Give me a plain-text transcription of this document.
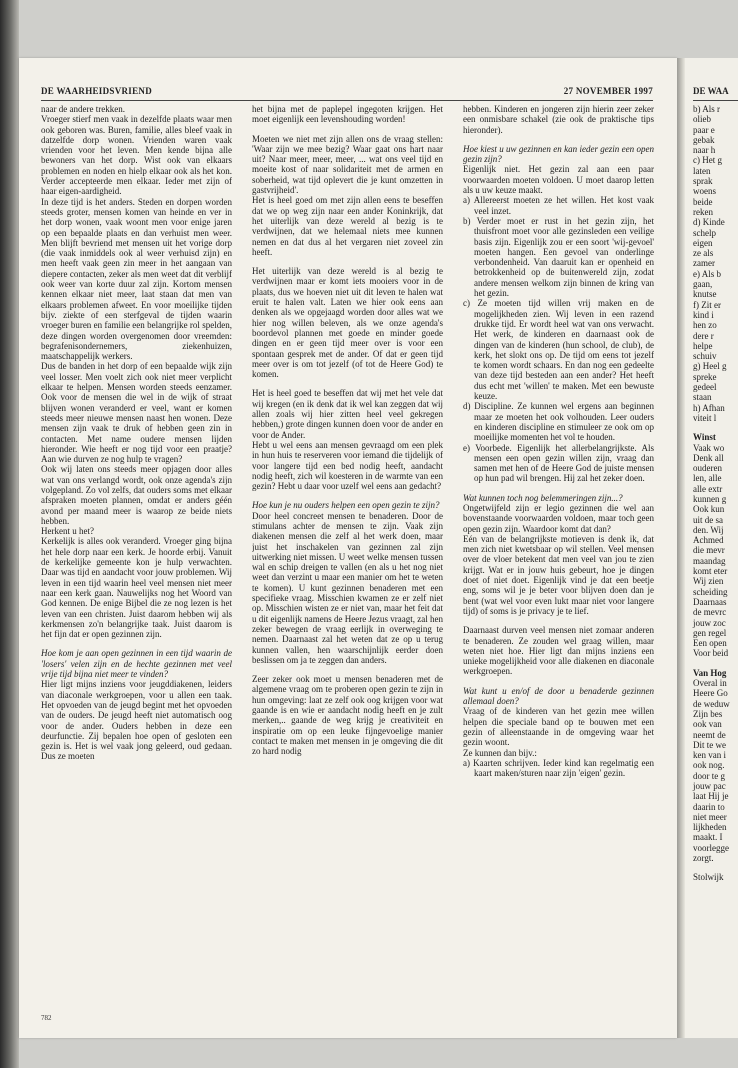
DE WAARHEIDSVRIEND	27 NOVEMBER 1997

naar de andere trekken.

Vroeger stierf men vaak in dezelfde plaats waar men ook geboren was. Buren, familie, alles bleef vaak in datzelfde dorp wonen. Vrienden waren vaak vrienden voor het leven. Men kende bijna alle bewoners van het dorp. Wist ook van elkaars problemen en noden en hielp elkaar ook als het kon. Verder accepteerde men elkaar. Ieder met zijn of haar eigen-aardigheid.

In deze tijd is het anders. Steden en dorpen worden steeds groter, mensen komen van heinde en ver in het dorp wonen, vaak woont men voor enige jaren op een bepaalde plaats en dan verhuist men weer. Men blijft bevriend met mensen uit het vorige dorp (die vaak inmiddels ook al weer verhuisd zijn) en men heeft vaak geen zin meer in het aangaan van diepere contacten, zeker als men weet dat dit verblijf ook weer van korte duur zal zijn. Kortom mensen kennen elkaar niet meer, laat staan dat men van elkaars problemen afweet. En voor moeilijke tijden bijv. ziekte of een sterfgeval de tijden waarin vroeger buren en familie een belangrijke rol spelden, deze dingen worden overgenomen door vreemden: begrafenisondernemers, ziekenhuizen, maatschappelijk werkers.

Dus de banden in het dorp of een bepaalde wijk zijn veel losser. Men voelt zich ook niet meer verplicht elkaar te helpen. Mensen worden steeds eenzamer. Ook voor de mensen die wel in de wijk of straat blijven wonen veranderd er veel, want er komen steeds meer nieuwe mensen naast hen wonen. Deze mensen zijn vaak te druk of hebben geen zin in contacten. Met name oudere mensen lijden hieronder. Wie heeft er nog tijd voor een praatje? Aan wie durven ze nog hulp te vragen?

Ook wij laten ons steeds meer opjagen door alles wat van ons verlangd wordt, ook onze agenda's zijn volgepland. Zo vol zelfs, dat ouders soms met elkaar afspraken moeten plannen, omdat er anders géén avond per maand meer is waarop ze beide niets hebben.

Herkent u het?

Kerkelijk is alles ook veranderd. Vroeger ging bijna het hele dorp naar een kerk. Je hoorde erbij. Vanuit de kerkelijke gemeente kon je hulp verwachten. Daar was tijd en aandacht voor jouw problemen. Wij leven in een tijd waarin heel veel mensen niet meer naar een kerk gaan. Nauwelijks nog het Woord van God kennen. De enige Bijbel die ze nog lezen is het leven van een christen. Juist daarom hebben wij als kerkmensen zo'n belangrijke taak. Juist daarom is het fijn dat er open gezinnen zijn.

Hoe kom je aan open gezinnen in een tijd waarin de 'losers' velen zijn en de hechte gezinnen met veel vrije tijd bijna niet meer te vinden?

Hier ligt mijns inziens voor jeugddiakenen, leiders van diaconale werkgroepen, voor u allen een taak. Het opvoeden van de jeugd begint met het opvoeden van de ouders. De jeugd heeft niet automatisch oog voor de ander. Ouders hebben in deze een deurfunctie. Zij bepalen hoe open of gesloten een gezin is. Het is wel vaak jong geleerd, oud gedaan. Dus ze moeten

het bijna met de paplepel ingegoten krijgen. Het moet eigenlijk een levenshouding worden!

Moeten we niet met zijn allen ons de vraag stellen: 'Waar zijn we mee bezig? Waar gaat ons hart naar uit? Naar meer, meer, meer, ... wat ons veel tijd en moeite kost of naar solidariteit met de armen en soberheid, wat tijd oplevert die je kunt omzetten in gastvrijheid'.

Het is heel goed om met zijn allen eens te beseffen dat we op weg zijn naar een ander Koninkrijk, dat het uiterlijk van deze wereld al bezig is te verdwijnen, dat we helemaal niets mee kunnen nemen en dat dus al het vergaren niet zoveel zin heeft.

Het uiterlijk van deze wereld is al bezig te verdwijnen maar er komt iets mooiers voor in de plaats, dus we hoeven niet uit dit leven te halen wat eruit te halen valt. Laten we hier ook eens aan denken als we opgejaagd worden door alles wat we hier nog willen beleven, als we onze agenda's boordevol plannen met goede en minder goede dingen en er geen tijd meer over is voor een spontaan gesprek met de ander. Of dat er geen tijd meer over is om tot jezelf (of tot de Heere God) te komen.

Het is heel goed te beseffen dat wij met het vele dat wij kregen (en ik denk dat ik wel kan zeggen dat wij allen zoals wij hier zitten heel veel gekregen hebben,) grote dingen kunnen doen voor de ander en voor de Ander.

Hebt u wel eens aan mensen gevraagd om een plek in hun huis te reserveren voor iemand die tijdelijk of voor langere tijd een bed nodig heeft, aandacht nodig heeft, zich wil koesteren in de warmte van een gezin? Hebt u daar voor uzelf wel eens aan gedacht?

Hoe kun je nu ouders helpen een open gezin te zijn?

Door heel concreet mensen te benaderen. Door de stimulans achter de mensen te zijn. Vaak zijn diakenen mensen die zelf al het werk doen, maar juist het inschakelen van gezinnen zal zijn uitwerking niet missen. U weet welke mensen tussen wal en schip dreigen te vallen (en als u het nog niet weet dan verzint u maar een manier om het te weten te komen). U kunt gezinnen benaderen met een specifieke vraag. Misschien kwamen ze er zelf niet op. Misschien wisten ze er niet van, maar het feit dat u dit eigenlijk namens de Heere Jezus vraagt, zal hen zeker bewegen de vraag eerlijk in overweging te nemen. Daarnaast zal het weten dat ze op u terug kunnen vallen, hen waarschijnlijk eerder doen beslissen om ja te zeggen dan anders.

Zeer zeker ook moet u mensen benaderen met de algemene vraag om te proberen open gezin te zijn in hun omgeving: laat ze zelf ook oog krijgen voor wat gaande is en wie er aandacht nodig heeft en je zult merken,.. gaande de weg krijg je creativiteit en inspiratie om op een leuke fijngevoelige manier contact te maken met mensen in je omgeving die dit zo hard nodig

hebben. Kinderen en jongeren zijn hierin zeer zeker een onmisbare schakel (zie ook de praktische tips hieronder).

Hoe kiest u uw gezinnen en kan ieder gezin een open gezin zijn?

Eigenlijk niet. Het gezin zal aan een paar voorwaarden moeten voldoen. U moet daarop letten als u uw keuze maakt.

a) Allereerst moeten ze het willen. Het kost vaak veel inzet.
b) Verder moet er rust in het gezin zijn, het thuisfront moet voor alle gezinsleden een veilige basis zijn. Eigenlijk zou er een soort 'wij-gevoel' moeten hangen. Een gevoel van onderlinge verbondenheid. Van daaruit kan er openheid en betrokkenheid op de buitenwereld zijn, zodat andere mensen welkom zijn binnen de kring van het gezin.
c) Ze moeten tijd willen vrij maken en de mogelijkheden zien. Wij leven in een razend drukke tijd. Er wordt heel wat van ons verwacht. Het werk, de kinderen en daarnaast ook de dingen van de kinderen (hun school, de club), de kerk, het slokt ons op. De tijd om eens tot jezelf te komen wordt schaars. En dan nog een gedeelte van deze tijd besteden aan een ander? Het heeft dus echt met 'willen' te maken. Met een bewuste keuze.
d) Discipline. Ze kunnen wel ergens aan beginnen maar ze moeten het ook volhouden. Leer ouders en kinderen discipline en stimuleer ze ook om op moeilijke momenten het vol te houden.
e) Voorbede. Eigenlijk het allerbelangrijkste. Als mensen een open gezin willen zijn, vraag dan samen met hen of de Heere God de juiste mensen op hun pad wil brengen. Hij zal het zeker doen.

Wat kunnen toch nog belemmeringen zijn...?

Ongetwijfeld zijn er legio gezinnen die wel aan bovenstaande voorwaarden voldoen, maar toch geen open gezin zijn. Waardoor komt dat dan?

Eén van de belangrijkste motieven is denk ik, dat men zich niet kwetsbaar op wil stellen. Veel mensen over de vloer betekent dat men veel van jou te zien krijgt. Wat er in jouw huis gebeurt, hoe je dingen doet of niet doet. Eigenlijk vind je dat een beetje eng, soms wil je je beter voor blijven doen dan je bent (wat wel voor even lukt maar niet voor langere tijd) of soms is je privacy je te lief.

Daarnaast durven veel mensen niet zomaar anderen te benaderen. Ze zouden wel graag willen, maar weten niet hoe. Hier ligt dan mijns inziens een unieke mogelijkheid voor alle diakenen en diaconale werkgroepen.

Wat kunt u en/of de door u benaderde gezinnen allemaal doen?

Vraag of de kinderen van het gezin mee willen helpen die speciale band op te bouwen met een gezin of alleenstaande in de omgeving waar het gezin woont.

Ze kunnen dan bijv.:

a) Kaarten schrijven. Ieder kind kan regelmatig een kaart maken/sturen naar zijn 'eigen' gezin.
782
DE WAA
b) Als r
olieb
paar e
gebak
naar h
c) Het g
laten
sprak
woens
beide
reken
d) Kinde
schelp
eigen
ze als
zamer
e) Als b
gaan,
knutse
f) Zit er
kind i
hen zo
dere r
helpe
schuiv
g) Heel g
spreke
gedeel
staan
h) Afhan
viteit l
Winst
Vaak wo
Denk all
ouderen
len, alle
alle extr
kunnen g
Ook kun
uit de sa
den. Wij
Achmed
die mevr
maandag
komt eter
Wij zien
scheiding
Daarnaas
de mevrc
jouw zoc
gen regel
Een open
Voor beid
Van Hog
Overal in
Heere Go
de weduw
Zijn bes
ook van
neemt de
Dit te we
ken van i
ook nog.
door te g
jouw pac
laat Hij je
daarin to
niet meer
lijkheden
maakt. I
voorlegge
zorgt.
Stolwijk
